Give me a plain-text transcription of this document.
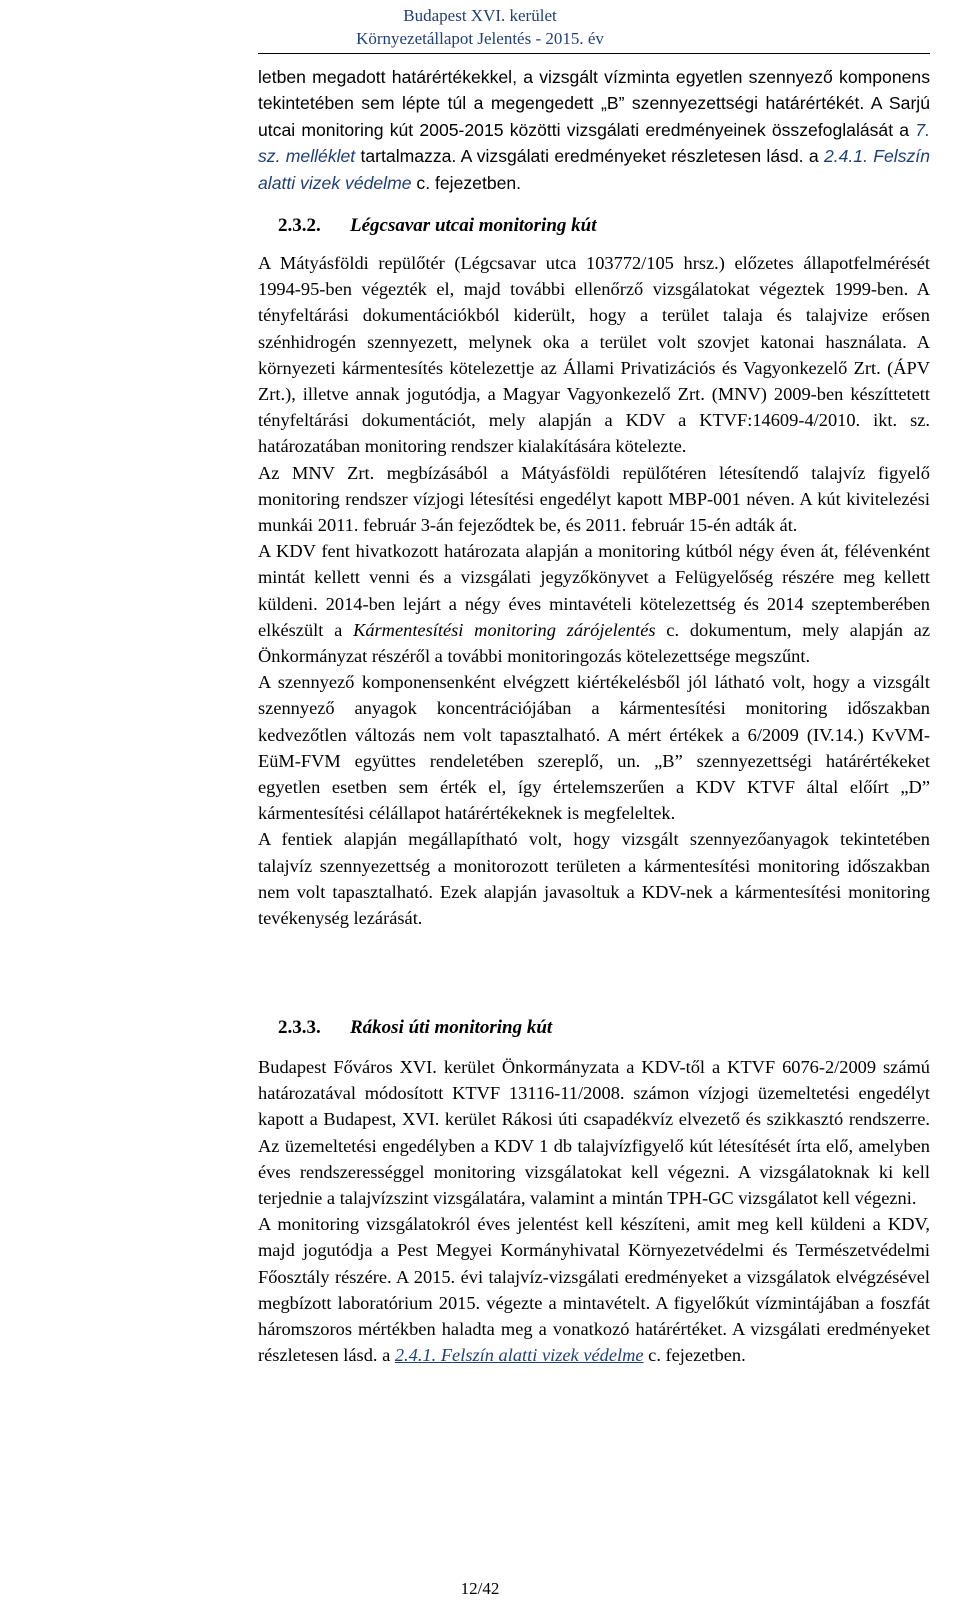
Budapest XVI. kerület
Környezetállapot Jelentés - 2015. év

letben megadott határértékekkel, a vizsgált vízminta egyetlen szennyező komponens tekintetében sem lépte túl a megengedett „B” szennyezettségi határértékét. A Sarjú utcai monitoring kút 2005-2015 közötti vizsgálati eredményeinek összefoglalását a 7. sz. melléklet tartalmazza. A vizsgálati eredményeket részletesen lásd. a 2.4.1. Felszín alatti vizek védelme c. fejezetben.

2.3.2. Légcsavar utcai monitoring kút

A Mátyásföldi repülőtér (Légcsavar utca 103772/105 hrsz.) előzetes állapotfelmérését 1994-95-ben végezték el, majd további ellenőrző vizsgálatokat végeztek 1999-ben. A tényfeltárási dokumentációkból kiderült, hogy a terület talaja és talajvize erősen szénhidrogén szennyezett, melynek oka a terület volt szovjet katonai használata. A környezeti kármentesítés kötelezettje az Állami Privatizációs és Vagyonkezelő Zrt. (ÁPV Zrt.), illetve annak jogutódja, a Magyar Vagyonkezelő Zrt. (MNV) 2009-ben készíttetett tényfeltárási dokumentációt, mely alapján a KDV a KTVF:14609-4/2010. ikt. sz. határozatában monitoring rendszer kialakítására kötelezte.

Az MNV Zrt. megbízásából a Mátyásföldi repülőtéren létesítendő talajvíz figyelő monitoring rendszer vízjogi létesítési engedélyt kapott MBP-001 néven. A kút kivitelezési munkái 2011. február 3-án fejeződtek be, és 2011. február 15-én adták át.

A KDV fent hivatkozott határozata alapján a monitoring kútból négy éven át, félévenként mintát kellett venni és a vizsgálati jegyzőkönyvet a Felügyelőség részére meg kellett küldeni. 2014-ben lejárt a négy éves mintavételi kötelezettség és 2014 szeptemberében elkészült a Kármentesítési monitoring zárójelentés c. dokumentum, mely alapján az Önkormányzat részéről a további monitoringozás kötelezettsége megszűnt.

A szennyező komponensenként elvégzett kiértékelésből jól látható volt, hogy a vizsgált szennyező anyagok koncentrációjában a kármentesítési monitoring időszakban kedvezőtlen változás nem volt tapasztalható. A mért értékek a 6/2009 (IV.14.) KvVM-EüM-FVM együttes rendeletében szereplő, un. „B” szennyezettségi határértékeket egyetlen esetben sem érték el, így értelemszerűen a KDV KTVF által előírt „D” kármentesítési célállapot határértékeknek is megfeleltek.

A fentiek alapján megállapítható volt, hogy vizsgált szennyezőanyagok tekintetében talajvíz szennyezettség a monitorozott területen a kármentesítési monitoring időszakban nem volt tapasztalható. Ezek alapján javasoltuk a KDV-nek a kármentesítési monitoring tevékenység lezárását.

2.3.3. Rákosi úti monitoring kút

Budapest Főváros XVI. kerület Önkormányzata a KDV-től a KTVF 6076-2/2009 számú határozatával módosított KTVF 13116-11/2008. számon vízjogi üzemeltetési engedélyt kapott a Budapest, XVI. kerület Rákosi úti csapadékvíz elvezető és szikkasztó rendszerre. Az üzemeltetési engedélyben a KDV 1 db talajvízfigyelő kút létesítését írta elő, amelyben éves rendszerességgel monitoring vizsgálatokat kell végezni. A vizsgálatoknak ki kell terjednie a talajvízszint vizsgálatára, valamint a mintán TPH-GC vizsgálatot kell végezni.

A monitoring vizsgálatokról éves jelentést kell készíteni, amit meg kell küldeni a KDV, majd jogutódja a Pest Megyei Kormányhivatal Környezetvédelmi és Természetvédelmi Főosztály részére. A 2015. évi talajvíz-vizsgálati eredményeket a vizsgálatok elvégzésével megbízott laboratórium 2015. végezte a mintavételt. A figyelőkút vízmintájában a foszfát háromszoros mértékben haladta meg a vonatkozó határértéket. A vizsgálati eredményeket részletesen lásd. a 2.4.1. Felszín alatti vizek védelme c. fejezetben.

12/42
